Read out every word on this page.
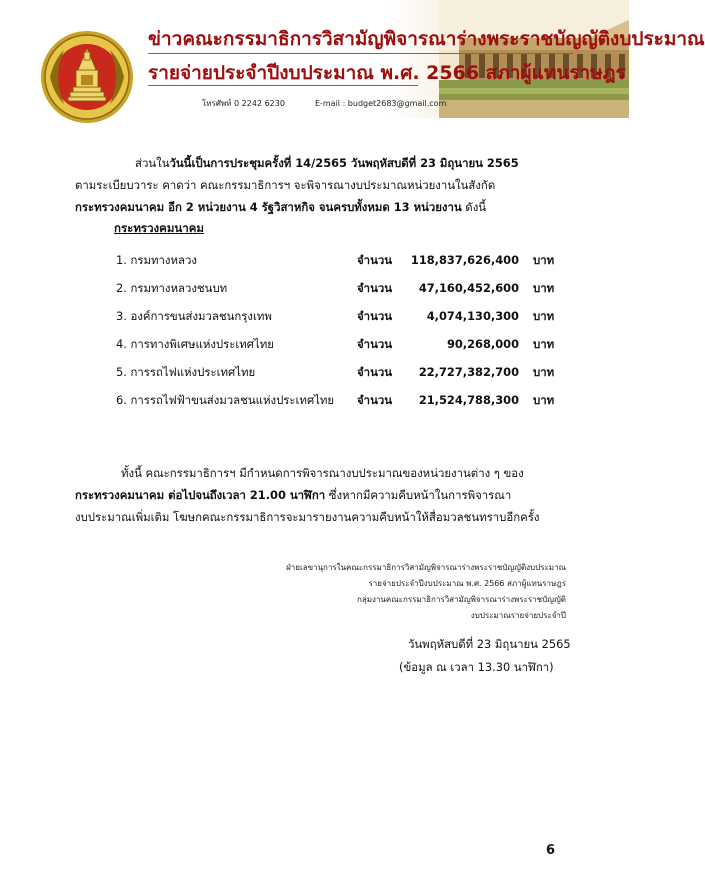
ข่าวคณะกรรมาธิการวิสามัญพิจารณาร่างพระราชบัญญัติงบประมาณ
รายจ่ายประจำปีงบประมาณ พ.ศ. 2566 สภาผู้แทนราษฎร
โทรศัพท์ 0 2242 6230	E-mail : budget2683@gmail.com

ส่วนในวันนี้เป็นการประชุมครั้งที่ 14/2565 วันพฤหัสบดีที่ 23 มิถุนายน 2565

ตามระเบียบวาระ คาดว่า คณะกรรมาธิการฯ จะพิจารณางบประมาณหน่วยงานในสังกัด

กระทรวงคมนาคม อีก 2 หน่วยงาน 4 รัฐวิสาหกิจ จนครบทั้งหมด 13 หน่วยงาน ดังนี้

กระทรวงคมนาคม
1. กรมทางหลวง	จำนวน 118,837,626,400 บาท
2. กรมทางหลวงชนบท	จำนวน 47,160,452,600 บาท
3. องค์การขนส่งมวลชนกรุงเทพ	จำนวน	4,074,130,300 บาท
4. การทางพิเศษแห่งประเทศไทย	จำนวน	90,268,000 บาท
5. การรถไฟแห่งประเทศไทย	จำนวน 22,727,382,700 บาท
6. การรถไฟฟ้าขนส่งมวลชนแห่งประเทศไทย จำนวน 21,524,788,300 บาท

ทั้งนี้ คณะกรรมาธิการฯ มีกำหนดการพิจารณางบประมาณของหน่วยงานต่าง ๆ ของ

กระทรวงคมนาคม ต่อไปจนถึงเวลา 21.00 นาฬิกา ซึ่งหากมีความคืบหน้าในการพิจารณา

งบประมาณเพิ่มเติม โฆษกคณะกรรมาธิการจะมารายงานความคืบหน้าให้สื่อมวลชนทราบอีกครั้ง

ฝ่ายเลขานุการในคณะกรรมาธิการวิสามัญพิจารณาร่างพระราชบัญญัติงบประมาณ
รายจ่ายประจำปีงบประมาณ พ.ศ. 2566 สภาผู้แทนราษฎร
กลุ่มงานคณะกรรมาธิการวิสามัญพิจารณาร่างพระราชบัญญัติ
งบประมาณรายจ่ายประจำปี
วันพฤหัสบดีที่ 23 มิถุนายน 2565
(ข้อมูล ณ เวลา 13.30 นาฬิกา)
6
